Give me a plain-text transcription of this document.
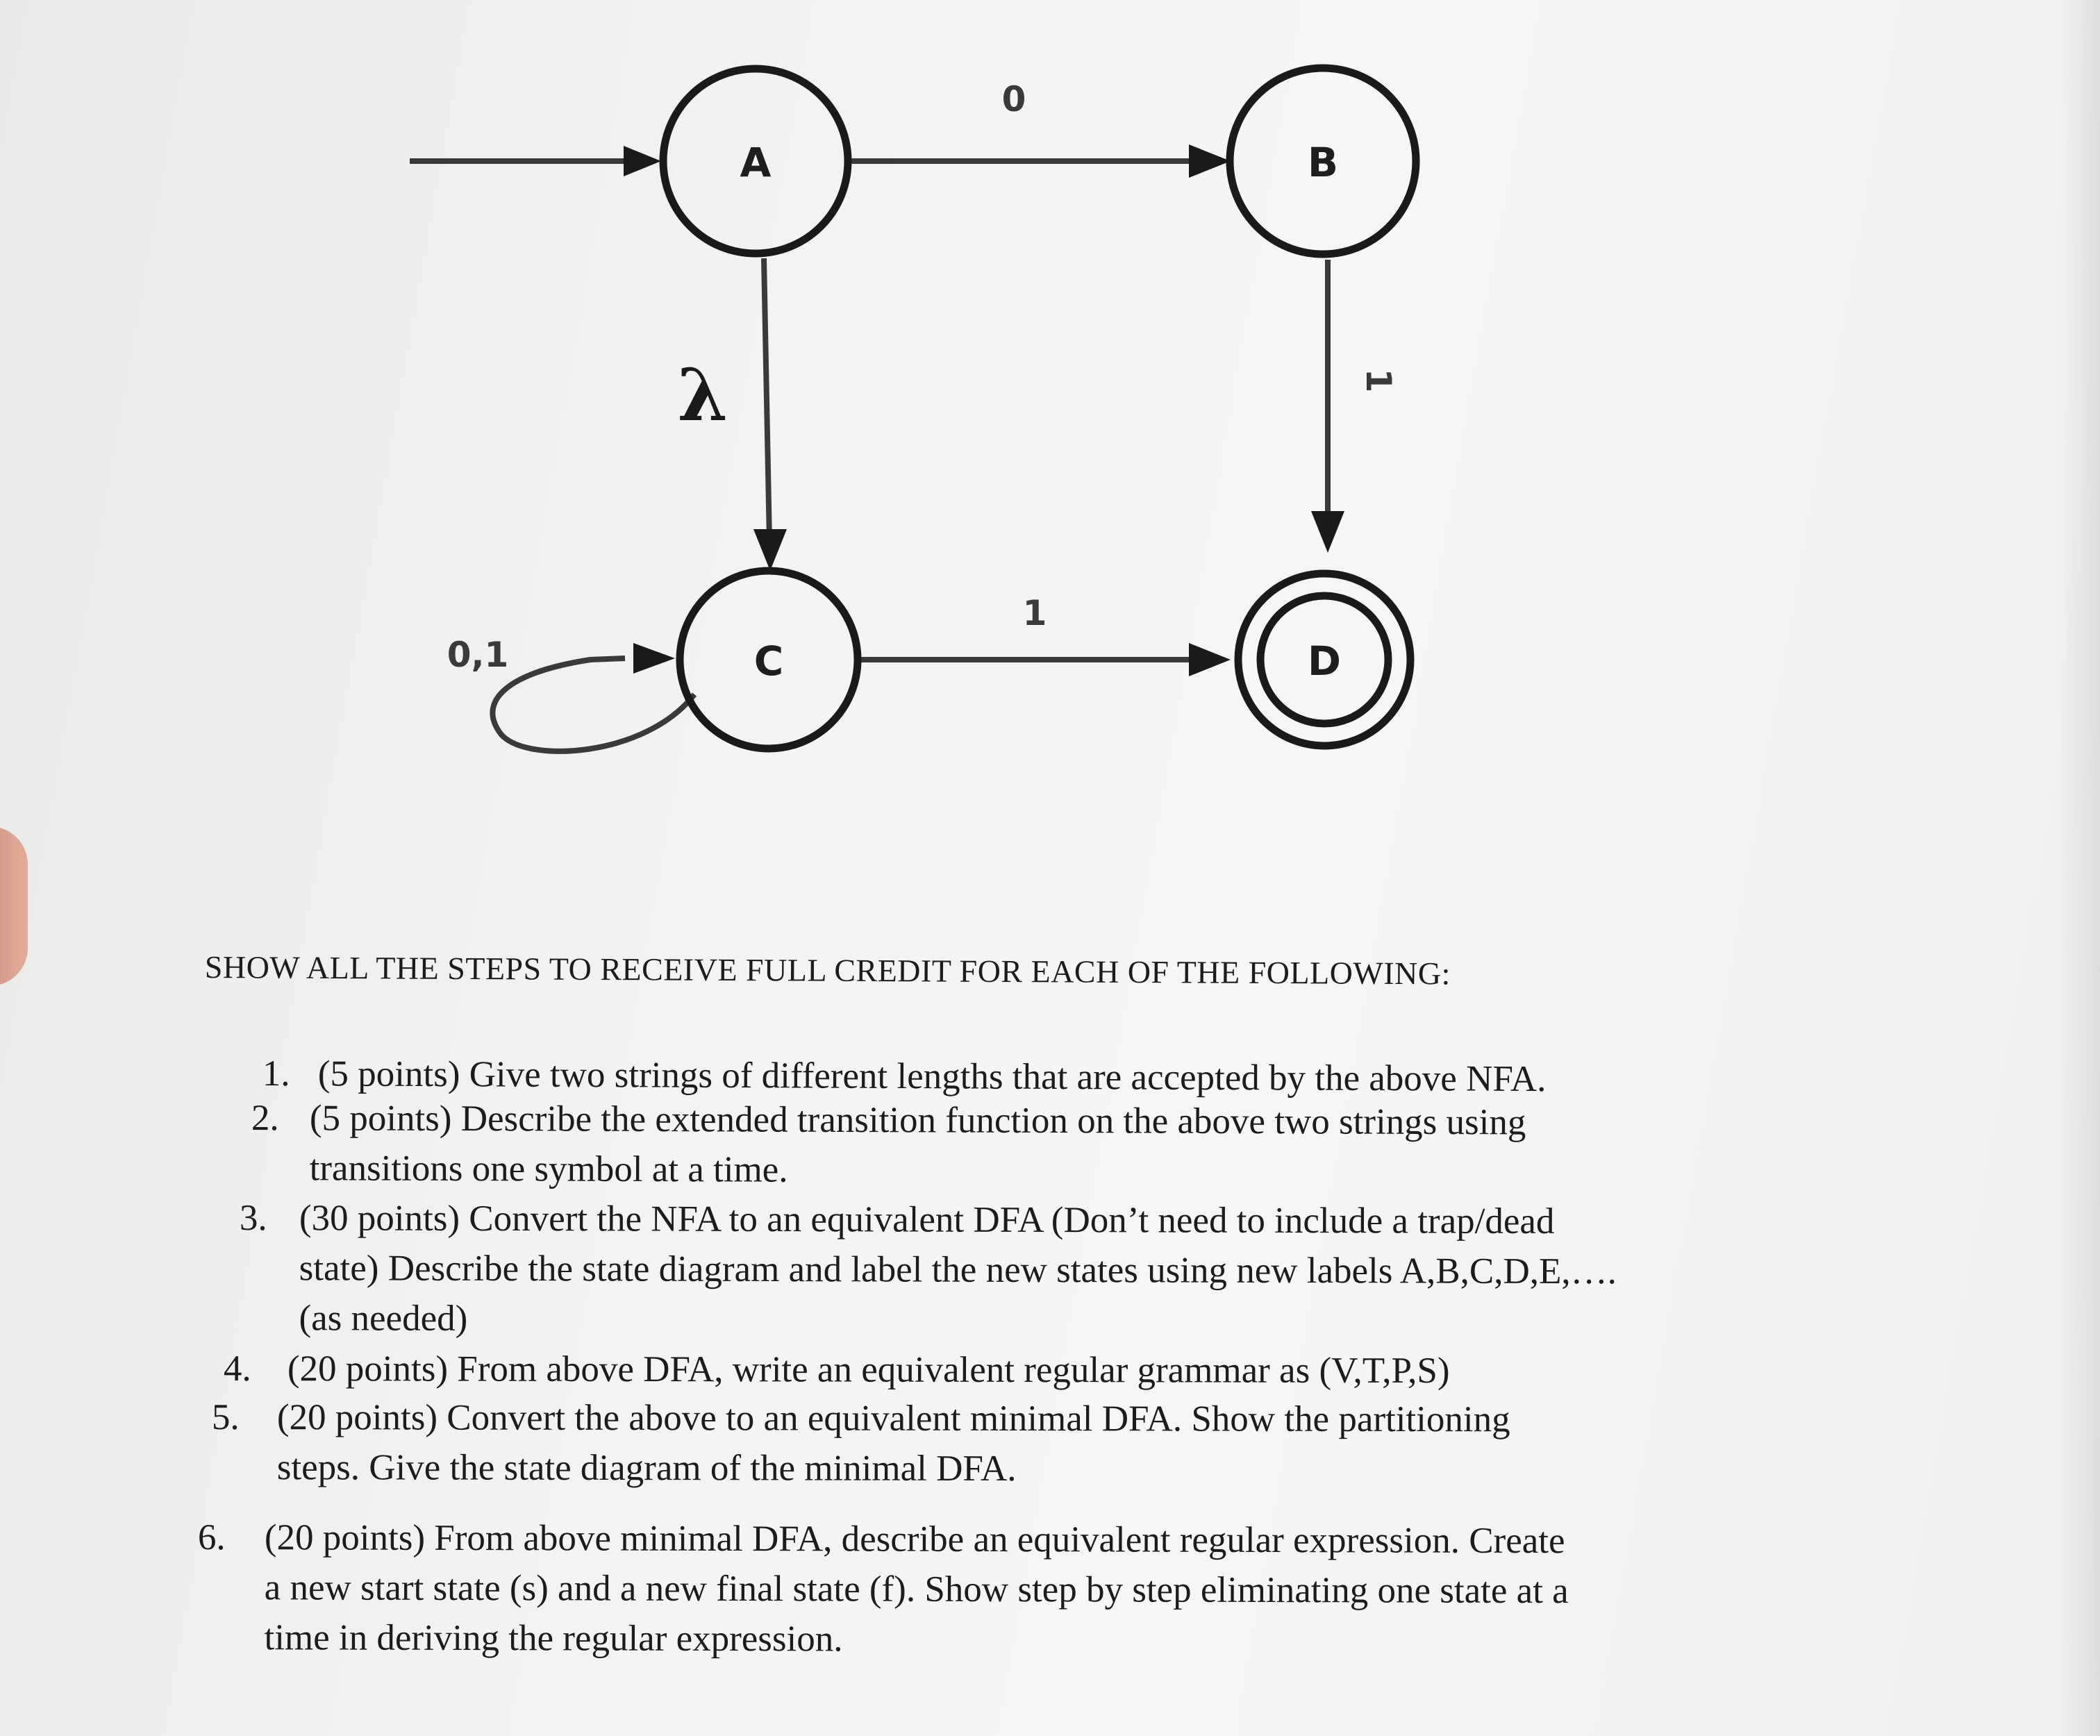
0
λ	1
1
0,1
A	B
C	D
SHOW ALL THE STEPS TO RECEIVE FULL CREDIT FOR EACH OF THE FOLLOWING:
1. (5 points) Give two strings of different lengths that are accepted by the above NFA.
2. (5 points) Describe the extended transition function on the above two strings using
transitions one symbol at a time.
3. (30 points) Convert the NFA to an equivalent DFA (Don’t need to include a trap/dead
state) Describe the state diagram and label the new states using new labels A,B,C,D,E,….
(as needed)
4. (20 points) From above DFA, write an equivalent regular grammar as (V,T,P,S)
5. (20 points) Convert the above to an equivalent minimal DFA. Show the partitioning
steps. Give the state diagram of the minimal DFA.
6. (20 points) From above minimal DFA, describe an equivalent regular expression. Create
a new start state (s) and a new final state (f). Show step by step eliminating one state at a
time in deriving the regular expression.
